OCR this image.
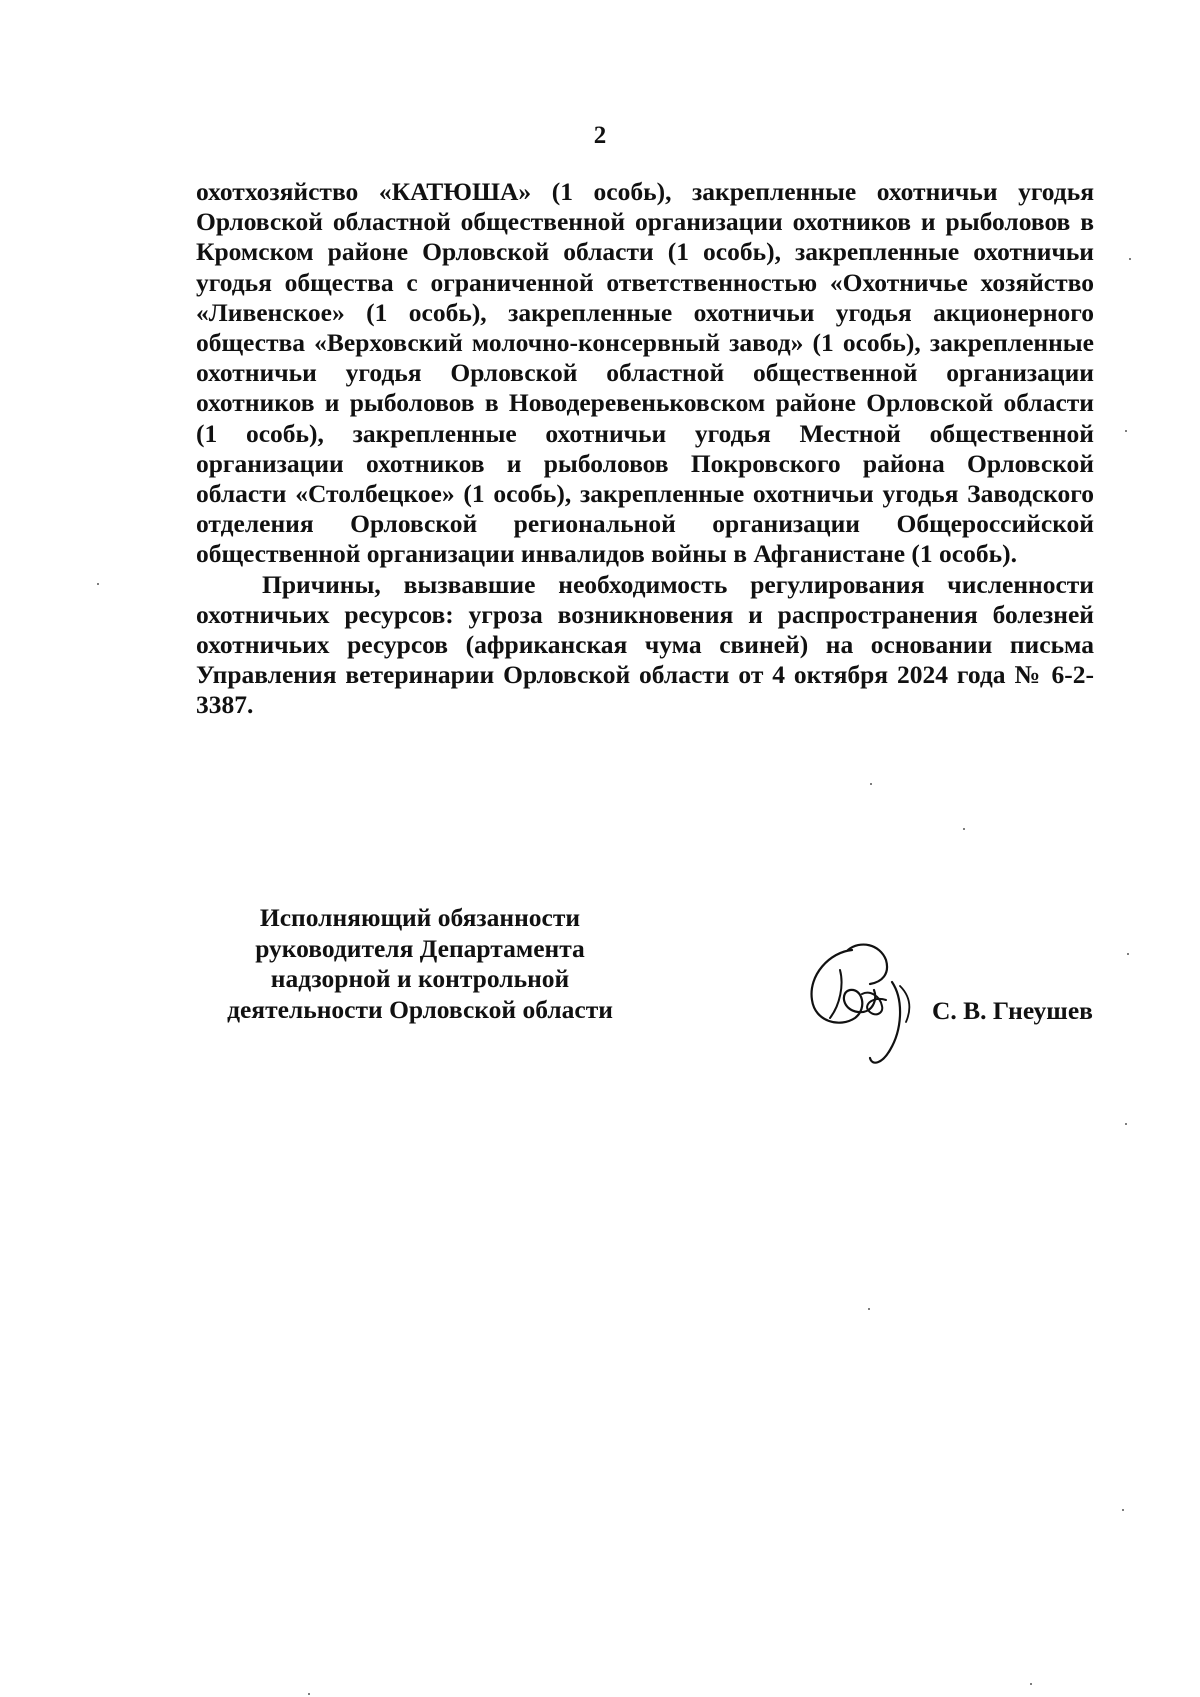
2

охотхозяйство «КАТЮША» (1 особь), закрепленные охотничьи угодья Орловской областной общественной организации охотников и рыболовов в Кромском районе Орловской области (1 особь), закрепленные охотничьи угодья общества с ограниченной ответственностью «Охотничье хозяйство «Ливенское» (1 особь), закрепленные охотничьи угодья акционерного общества «Верховский молочно-консервный завод» (1 особь), закрепленные охотничьи угодья Орловской областной общественной организации охотников и рыболовов в Новодеревеньковском районе Орловской области (1 особь), закрепленные охотничьи угодья Местной общественной организации охотников и рыболовов Покровского района Орловской области «Столбецкое» (1 особь), закрепленные охотничьи угодья Заводского отделения Орловской региональной организации Общероссийской общественной организации инвалидов войны в Афганистане (1 особь).

Причины, вызвавшие необходимость регулирования численности охотничьих ресурсов: угроза возникновения и распространения болезней охотничьих ресурсов (африканская чума свиней) на основании письма Управления ветеринарии Орловской области от 4 октября 2024 года № 6-2-3387.

Исполняющий обязанности
руководителя Департамента
надзорной и контрольной
деятельности Орловской области	С. В. Гнеушев
